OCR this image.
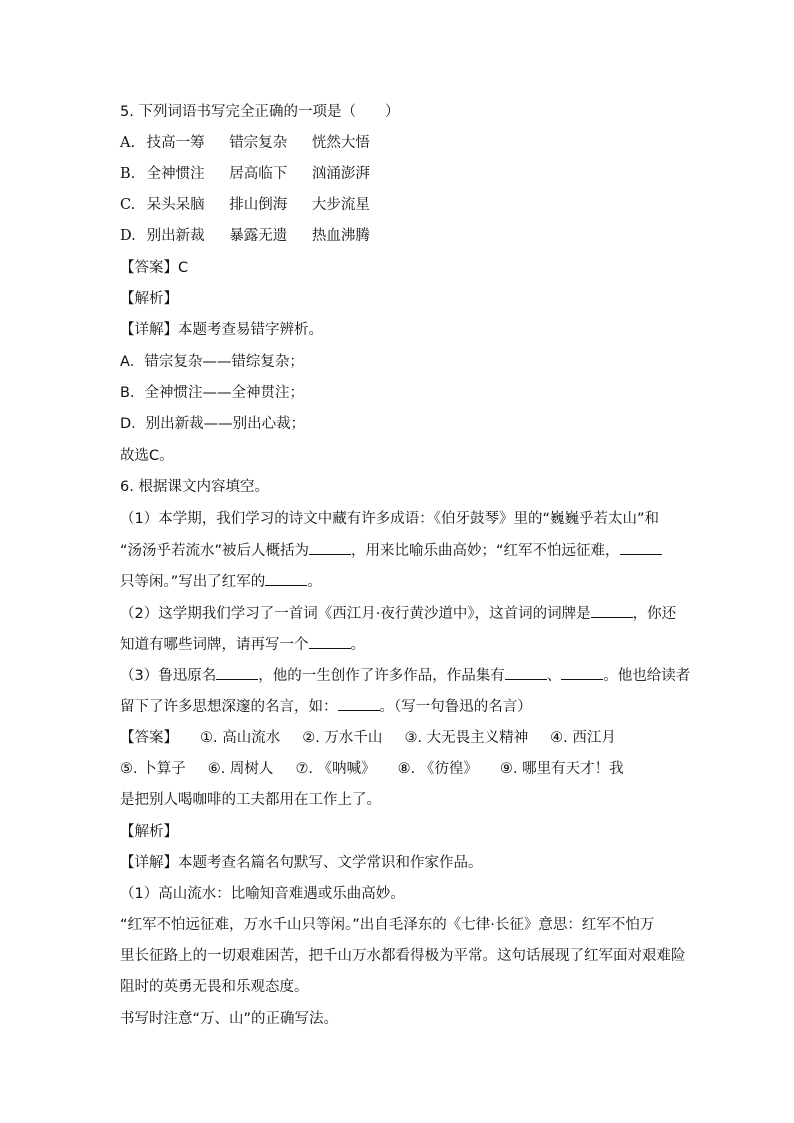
5. 下列词语书写完全正确的一项是（　　）
A. 技高一筹 错宗复杂 恍然大悟
B. 全神惯注 居高临下 汹涌澎湃
C. 呆头呆脑 排山倒海 大步流星
D. 别出新裁 暴露无遗 热血沸腾
【答案】C
【解析】
【详解】本题考查易错字辨析。
A．错宗复杂——错综复杂；
B．全神惯注——全神贯注；
D．别出新裁——别出心裁；
故选C。
6. 根据课文内容填空。
（1）本学期，我们学习的诗文中藏有许多成语：《伯牙鼓琴》里的“巍巍乎若太山”和
“汤汤乎若流水”被后人概括为	，用来比喻乐曲高妙；“红军不怕远征难，
只等闲。”写出了红军的	。
（2）这学期我们学习了一首词《西江月·夜行黄沙道中》，这首词的词牌是	，你还
知道有哪些词牌，请再写一个	。
（3）鲁迅原名	，他的一生创作了许多作品，作品集有	、	。他也给读者
留下了许多思想深邃的名言，如：	。（写一句鲁迅的名言）
【答案】 ①. 高山流水 ②. 万水千山 ③. 大无畏主义精神 ④. 西江月
⑤. 卜算子 ⑥. 周树人 ⑦. 《呐喊》 ⑧. 《彷徨》 ⑨. 哪里有天才！我
是把别人喝咖啡的工夫都用在工作上了。
【解析】
【详解】本题考查名篇名句默写、文学常识和作家作品。
（1）高山流水：比喻知音难遇或乐曲高妙。
“红军不怕远征难，万水千山只等闲。”出自毛泽东的《七律·长征》意思：红军不怕万
里长征路上的一切艰难困苦，把千山万水都看得极为平常。这句话展现了红军面对艰难险
阻时的英勇无畏和乐观态度。
书写时注意“万、山”的正确写法。
